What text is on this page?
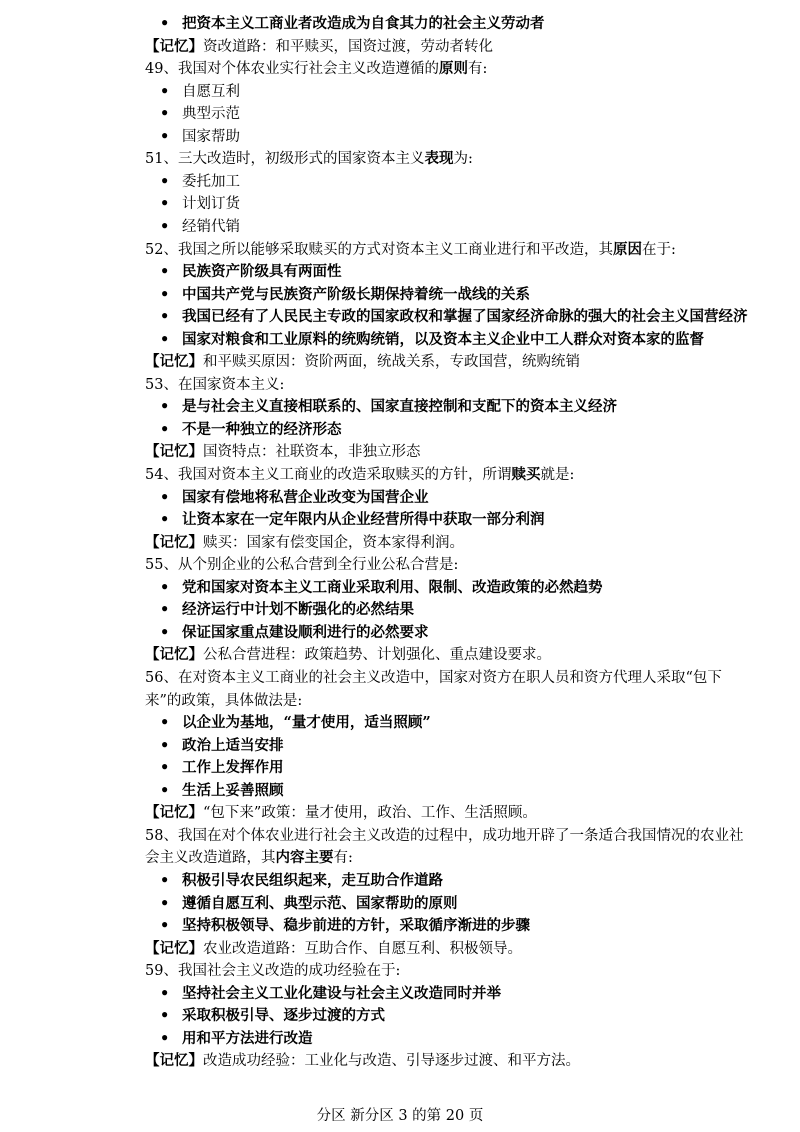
• 把资本主义工商业者改造成为自食其力的社会主义劳动者
【记忆】资改道路：和平赎买，国资过渡，劳动者转化
49、我国对个体农业实行社会主义改造遵循的原则有:
• 自愿互利
• 典型示范
• 国家帮助
51、三大改造时，初级形式的国家资本主义表现为:
• 委托加工
• 计划订货
• 经销代销
52、我国之所以能够采取赎买的方式对资本主义工商业进行和平改造，其原因在于:
• 民族资产阶级具有两面性
• 中国共产党与民族资产阶级长期保持着统一战线的关系
• 我国已经有了人民民主专政的国家政权和掌握了国家经济命脉的强大的社会主义国营经济
• 国家对粮食和工业原料的统购统销，以及资本主义企业中工人群众对资本家的监督
【记忆】和平赎买原因：资阶两面，统战关系，专政国营，统购统销
53、在国家资本主义:
• 是与社会主义直接相联系的、国家直接控制和支配下的资本主义经济
• 不是一种独立的经济形态
【记忆】国资特点：社联资本，非独立形态
54、我国对资本主义工商业的改造采取赎买的方针，所谓赎买就是:
• 国家有偿地将私营企业改变为国营企业
• 让资本家在一定年限内从企业经营所得中获取一部分利润
【记忆】赎买：国家有偿变国企，资本家得利润。
55、从个别企业的公私合营到全行业公私合营是:
• 党和国家对资本主义工商业采取利用、限制、改造政策的必然趋势
• 经济运行中计划不断强化的必然结果
• 保证国家重点建设顺利进行的必然要求
【记忆】公私合营进程：政策趋势、计划强化、重点建设要求。
56、在对资本主义工商业的社会主义改造中，国家对资方在职人员和资方代理人采取“包下
来”的政策，具体做法是:
• 以企业为基地，“量才使用，适当照顾”
• 政治上适当安排
• 工作上发挥作用
• 生活上妥善照顾
【记忆】“包下来”政策：量才使用，政治、工作、生活照顾。
58、我国在对个体农业进行社会主义改造的过程中，成功地开辟了一条适合我国情况的农业社
会主义改造道路，其内容主要有:
• 积极引导农民组织起来，走互助合作道路
• 遵循自愿互利、典型示范、国家帮助的原则
• 坚持积极领导、稳步前进的方针，采取循序渐进的步骤
【记忆】农业改造道路：互助合作、自愿互利、积极领导。
59、我国社会主义改造的成功经验在于:
• 坚持社会主义工业化建设与社会主义改造同时并举
• 采取积极引导、逐步过渡的方式
• 用和平方法进行改造
【记忆】改造成功经验：工业化与改造、引导逐步过渡、和平方法。
分区 新分区 3 的第 20 页
